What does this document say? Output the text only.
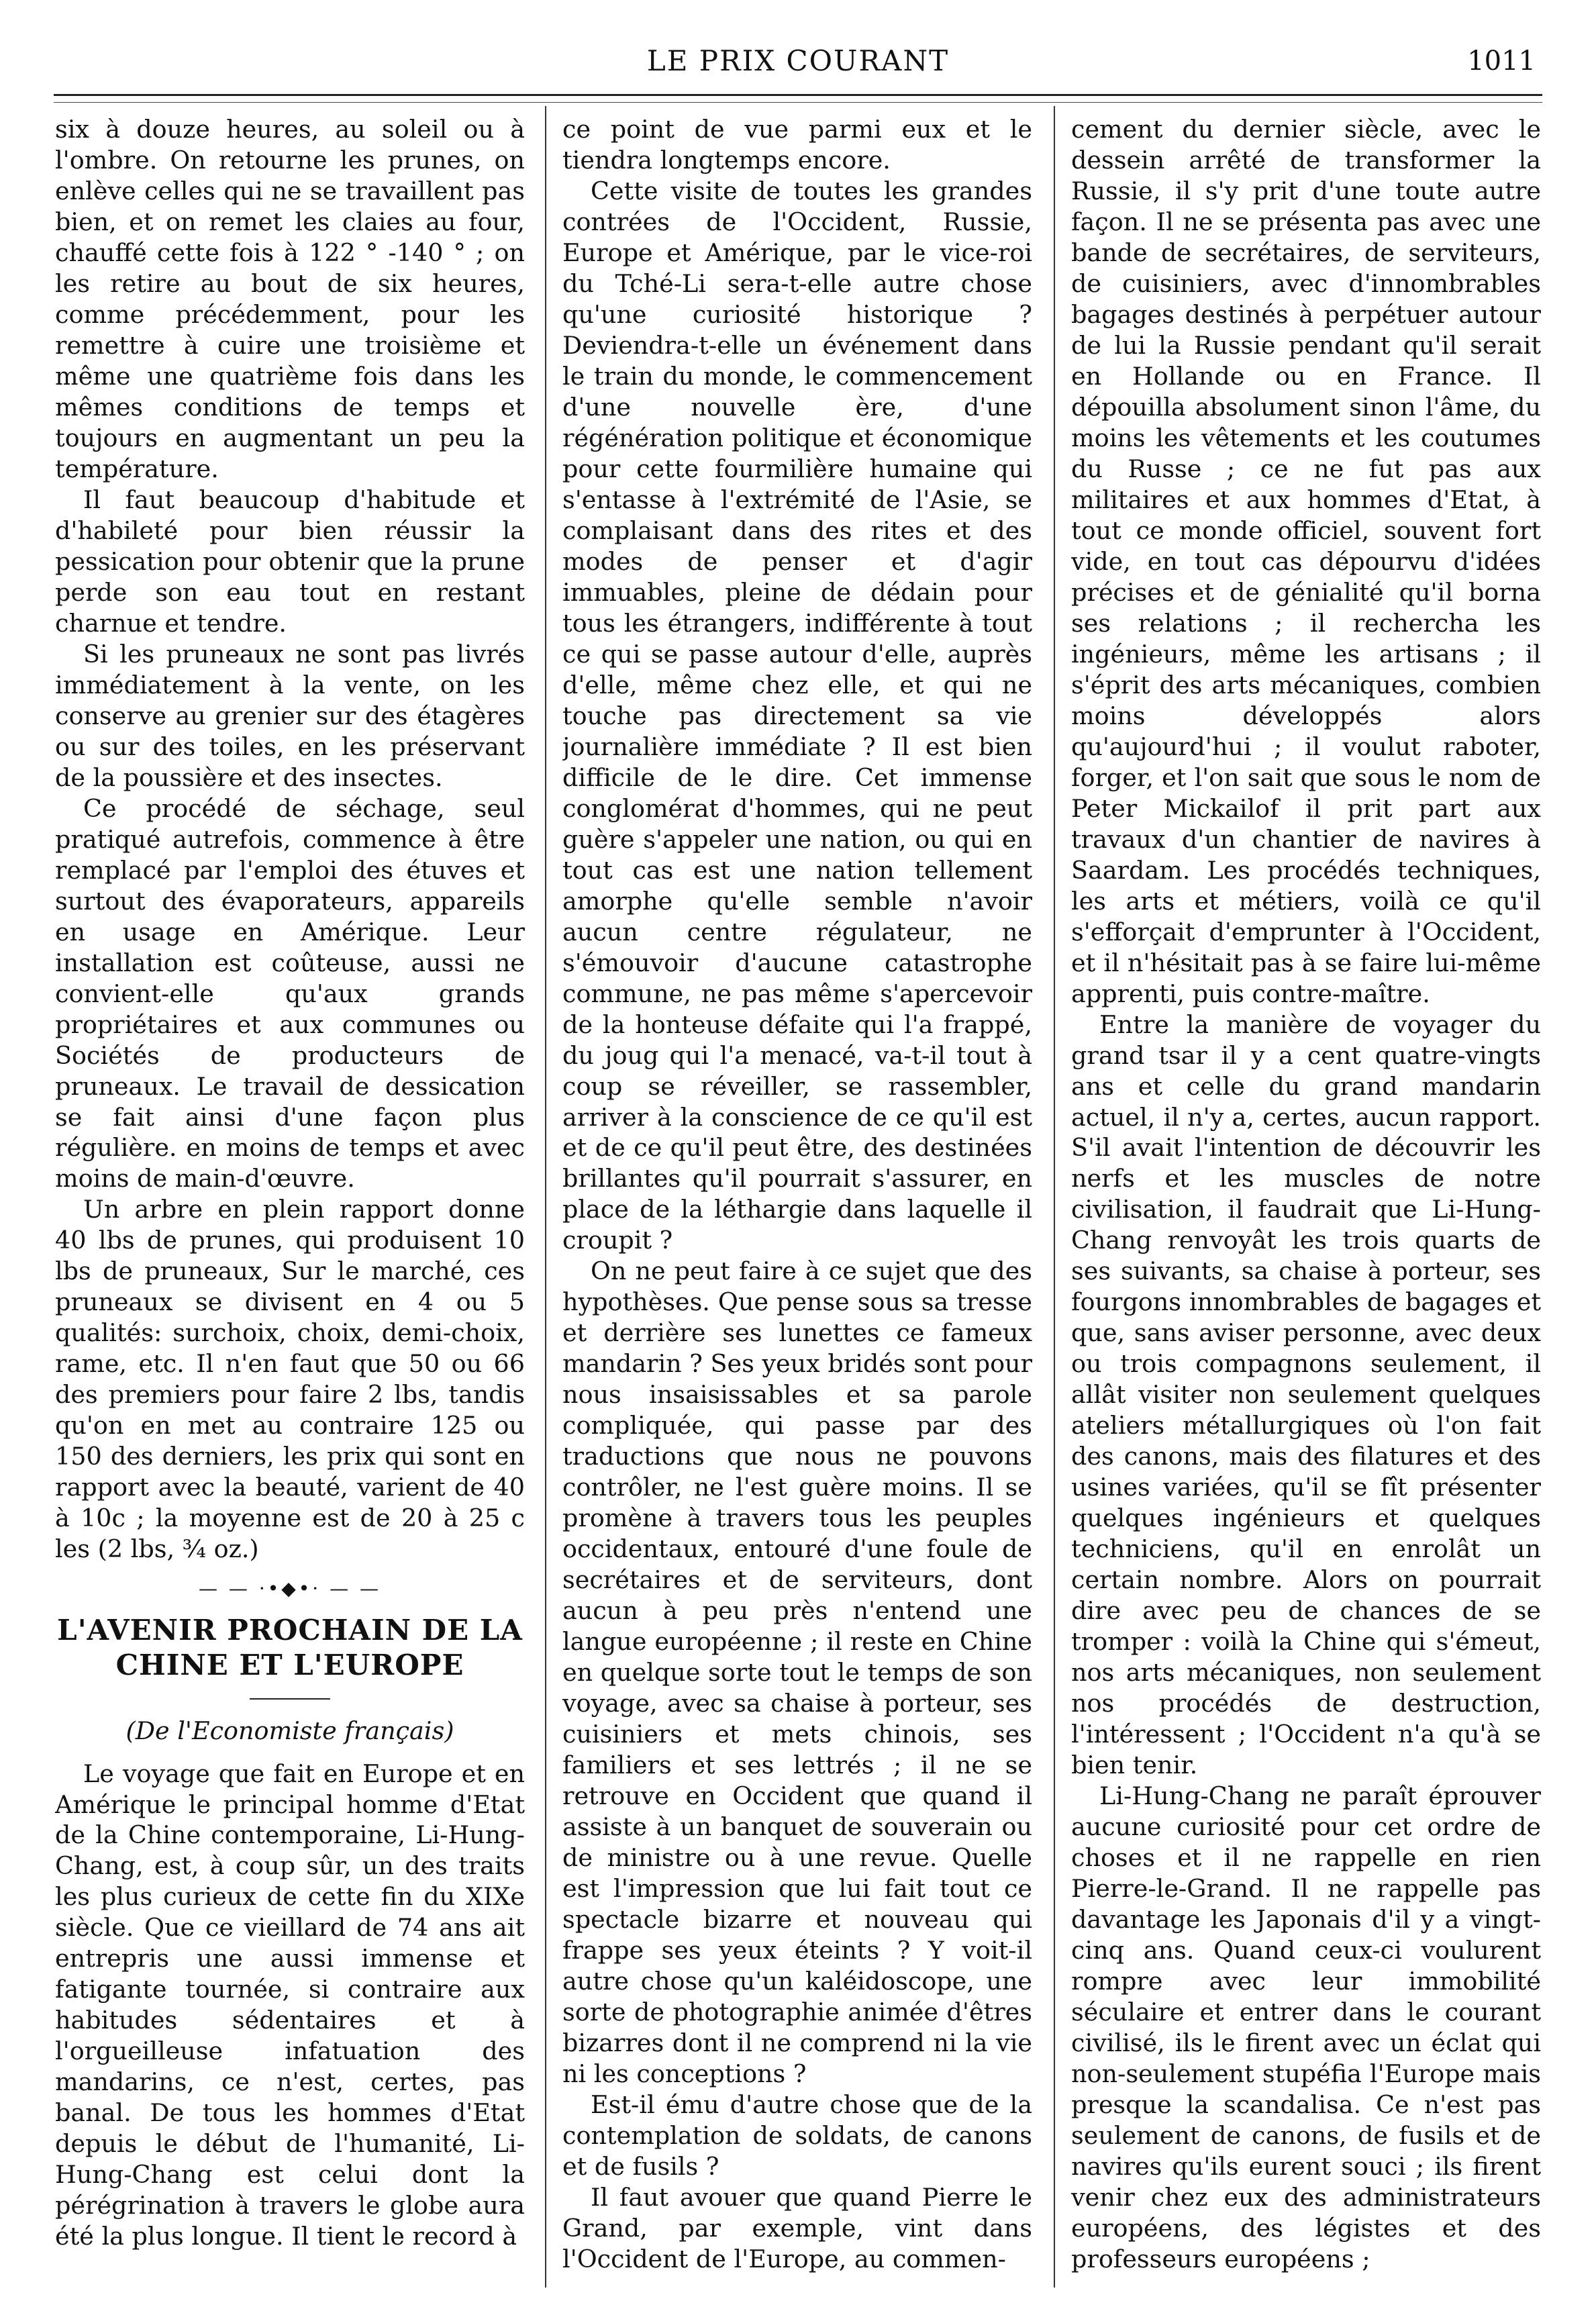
LE PRIX COURANT	1011

six à douze heures, au soleil ou à l'ombre. On retourne les prunes, on enlève celles qui ne se travaillent pas bien, et on remet les claies au four, chauffé cette fois à 122 ° -140 ° ; on les retire au bout de six heures, comme précédemment, pour les remettre à cuire une troisième et même une quatrième fois dans les mêmes conditions de temps et toujours en augmentant un peu la température.

Il faut beaucoup d'habitude et d'habileté pour bien réussir la pessication pour obtenir que la prune perde son eau tout en restant charnue et tendre.

Si les pruneaux ne sont pas livrés immédiatement à la vente, on les conserve au grenier sur des étagères ou sur des toiles, en les préservant de la poussière et des insectes.

Ce procédé de séchage, seul pratiqué autrefois, commence à être remplacé par l'emploi des étuves et surtout des évaporateurs, appareils en usage en Amérique. Leur installation est coûteuse, aussi ne convient-elle qu'aux grands propriétaires et aux communes ou Sociétés de producteurs de pruneaux. Le travail de dessication se fait ainsi d'une façon plus régulière. en moins de temps et avec moins de main-d'œuvre.

Un arbre en plein rapport donne 40 lbs de prunes, qui produisent 10 lbs de pruneaux, Sur le marché, ces pruneaux se divisent en 4 ou 5 qualités: surchoix, choix, demi-choix, rame, etc. Il n'en faut que 50 ou 66 des premiers pour faire 2 lbs, tandis qu'on en met au contraire 125 ou 150 des derniers, les prix qui sont en rapport avec la beauté, varient de 40 à 10c ; la moyenne est de 20 à 25 c les (2 lbs, ¾ oz.)

— — ·•◆•· — —
L'AVENIR PROCHAIN DE LA CHINE ET L'EUROPE
(De l'Economiste français)

Le voyage que fait en Europe et en Amérique le principal homme d'Etat de la Chine contemporaine, Li-Hung-Chang, est, à coup sûr, un des traits les plus curieux de cette fin du XIXe siècle. Que ce vieillard de 74 ans ait entrepris une aussi immense et fatigante tournée, si contraire aux habitudes sédentaires et à l'orgueilleuse infatuation des mandarins, ce n'est, certes, pas banal. De tous les hommes d'Etat depuis le début de l'humanité, Li-Hung-Chang est celui dont la pérégrination à travers le globe aura été la plus longue. Il tient le record à

ce point de vue parmi eux et le tiendra longtemps encore.

Cette visite de toutes les grandes contrées de l'Occident, Russie, Europe et Amérique, par le vice-roi du Tché-Li sera-t-elle autre chose qu'une curiosité historique ? Deviendra-t-elle un événement dans le train du monde, le commencement d'une nouvelle ère, d'une régénération politique et économique pour cette fourmilière humaine qui s'entasse à l'extrémité de l'Asie, se complaisant dans des rites et des modes de penser et d'agir immuables, pleine de dédain pour tous les étrangers, indifférente à tout ce qui se passe autour d'elle, auprès d'elle, même chez elle, et qui ne touche pas directement sa vie journalière immédiate ? Il est bien difficile de le dire. Cet immense conglomérat d'hommes, qui ne peut guère s'appeler une nation, ou qui en tout cas est une nation tellement amorphe qu'elle semble n'avoir aucun centre régulateur, ne s'émouvoir d'aucune catastrophe commune, ne pas même s'apercevoir de la honteuse défaite qui l'a frappé, du joug qui l'a menacé, va-t-il tout à coup se réveiller, se rassembler, arriver à la conscience de ce qu'il est et de ce qu'il peut être, des destinées brillantes qu'il pourrait s'assurer, en place de la léthargie dans laquelle il croupit ?

On ne peut faire à ce sujet que des hypothèses. Que pense sous sa tresse et derrière ses lunettes ce fameux mandarin ? Ses yeux bridés sont pour nous insaisissables et sa parole compliquée, qui passe par des traductions que nous ne pouvons contrôler, ne l'est guère moins. Il se promène à travers tous les peuples occidentaux, entouré d'une foule de secrétaires et de serviteurs, dont aucun à peu près n'entend une langue européenne ; il reste en Chine en quelque sorte tout le temps de son voyage, avec sa chaise à porteur, ses cuisiniers et mets chinois, ses familiers et ses lettrés ; il ne se retrouve en Occident que quand il assiste à un banquet de souverain ou de ministre ou à une revue. Quelle est l'impression que lui fait tout ce spectacle bizarre et nouveau qui frappe ses yeux éteints ? Y voit-il autre chose qu'un kaléidoscope, une sorte de photographie animée d'êtres bizarres dont il ne comprend ni la vie ni les conceptions ?

Est-il ému d'autre chose que de la contemplation de soldats, de canons et de fusils ?

Il faut avouer que quand Pierre le Grand, par exemple, vint dans l'Occident de l'Europe, au commen-

cement du dernier siècle, avec le dessein arrêté de transformer la Russie, il s'y prit d'une toute autre façon. Il ne se présenta pas avec une bande de secrétaires, de serviteurs, de cuisiniers, avec d'innombrables bagages destinés à perpétuer autour de lui la Russie pendant qu'il serait en Hollande ou en France. Il dépouilla absolument sinon l'âme, du moins les vêtements et les coutumes du Russe ; ce ne fut pas aux militaires et aux hommes d'Etat, à tout ce monde officiel, souvent fort vide, en tout cas dépourvu d'idées précises et de génialité qu'il borna ses relations ; il rechercha les ingénieurs, même les artisans ; il s'éprit des arts mécaniques, combien moins développés alors qu'aujourd'hui ; il voulut raboter, forger, et l'on sait que sous le nom de Peter Mickailof il prit part aux travaux d'un chantier de navires à Saardam. Les procédés techniques, les arts et métiers, voilà ce qu'il s'efforçait d'emprunter à l'Occident, et il n'hésitait pas à se faire lui-même apprenti, puis contre-maître.

Entre la manière de voyager du grand tsar il y a cent quatre-vingts ans et celle du grand mandarin actuel, il n'y a, certes, aucun rapport. S'il avait l'intention de découvrir les nerfs et les muscles de notre civilisation, il faudrait que Li-Hung-Chang renvoyât les trois quarts de ses suivants, sa chaise à porteur, ses fourgons innombrables de bagages et que, sans aviser personne, avec deux ou trois compagnons seulement, il allât visiter non seulement quelques ateliers métallurgiques où l'on fait des canons, mais des filatures et des usines variées, qu'il se fît présenter quelques ingénieurs et quelques techniciens, qu'il en enrolât un certain nombre. Alors on pourrait dire avec peu de chances de se tromper : voilà la Chine qui s'émeut, nos arts mécaniques, non seulement nos procédés de destruction, l'intéressent ; l'Occident n'a qu'à se bien tenir.

Li-Hung-Chang ne paraît éprouver aucune curiosité pour cet ordre de choses et il ne rappelle en rien Pierre-le-Grand. Il ne rappelle pas davantage les Japonais d'il y a vingt-cinq ans. Quand ceux-ci voulurent rompre avec leur immobilité séculaire et entrer dans le courant civilisé, ils le firent avec un éclat qui non-seulement stupéfia l'Europe mais presque la scandalisa. Ce n'est pas seulement de canons, de fusils et de navires qu'ils eurent souci ; ils firent venir chez eux des administrateurs européens, des légistes et des professeurs européens ;
